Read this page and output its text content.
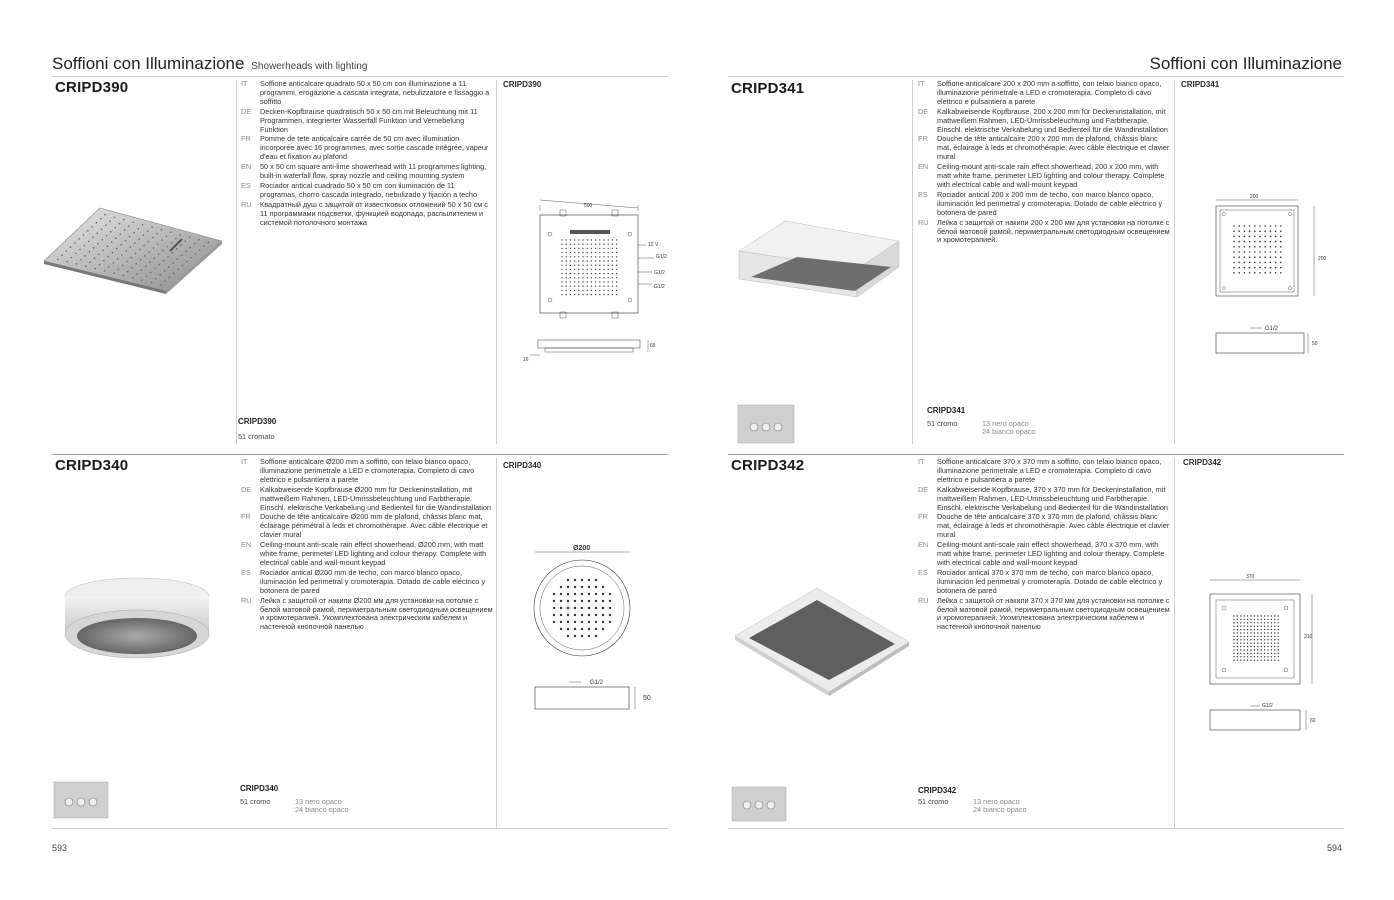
Soffioni con Illuminazione Showerheads with lighting	Soffioni con Illuminazione
CRIPD390	IT	Soffione anticalcare quadrato 50 x 50 cm con illuminazione a 11 programmi, erogazione a cascata integrata, nebulizzatore e fissaggio a soffitto
DE	Decken-Kopfbrause quadratisch 50 x 50 cm mit Beleuchtung mit 11 Programmen, integrierter Wasserfall Funktion und Vernebelung Funktion
FR	Pomme de tete anticalcaire carrée de 50 cm avec illumination incorporée avec 16 programmes, avec sortie cascade intégrée, vapeur d'eau et fixation au plafond
EN	50 x 50 cm square anti-lime showerhead with 11 programmes lighting, built-in waterfall flow, spray nozzle and ceiling mounting system
ES	Rociador antical cuadrado 50 x 50 cm con iluminación de 11 programas, chorro cascada integrado, nebulizado y fijación a techo
RU	Квадратный душ с защитой от известковых отложений 50 х 50 см с 11 программами подсветки, функцией водопада, распылителем и системой потолочного монтажа
CRIPD390
500
12 V
G1/2
G1/2
G1/2
65
16
CRIPD390
51 cromato
CRIPD340	IT	Soffione anticalcare Ø200 mm a soffitto, con telaio bianco opaco, illuminazione perimetrale a LED e cromoterapia. Completo di cavo elettrico e pulsantiera a parete
DE	Kalkabweisende Kopfbrause Ø200 mm für Deckeninstallation, mit mattweißem Rahmen, LED-Umrissbeleuchtung und Farbtherapie. Einschl. elektrische Verkabelung und Bedienteil für die Wandinstallation
FR	Douche de tête anticalcaire Ø200 mm de plafond, châssis blanc mat, éclairage périmétral à leds et chromothérapie. Avec câble électrique et clavier mural
EN	Ceiling-mount anti-scale rain effect showerhead, Ø200 mm, with matt white frame, perimeter LED lighting and colour therapy. Complete with electrical cable and wall-mount keypad
ES	Rociador antical Ø200 mm de techo, con marco blanco opaco, iluminación led perimetral y cromoterapia. Dotado de cable eléctrico y botonera de pared
RU	Лейка с защитой от накипи Ø200 мм для установки на потолке с белой матовой рамой, периметральным светодиодным освещением и хромотерапией. Укомплектована электрическим кабелем и настенной кнопочной панелью
CRIPD340
Ø200
G1/2
50
CRIPD340
51 cromo	13 nero opaco
24 bianco opaco
593
CRIPD341	IT	Soffione anticalcare 200 x 200 mm a soffitto, con telaio bianco opaco, illuminazione perimetrale a LED e cromoterapia. Completo di cavo elettrico e pulsantiera a parete
DE	Kalkabweisende Kopfbrause, 200 x 200 mm für Deckeninstallation, mit mattweißem Rahmen, LED-Umrissbeleuchtung und Farbtherapie. Einschl. elektrische Verkabelung und Bedienteil für die Wandinstallation
FR	Douche de tête anticalcaire 200 x 200 mm de plafond, châssis blanc mat, éclairage à leds et chromothérapie. Avec câble électrique et clavier mural
EN	Ceiling-mount anti-scale rain effect showerhead, 200 x 200 mm, with matt white frame, perimeter LED lighting and colour therapy. Complete with electrical cable and wall-mount keypad
ES	Rociador antical 200 x 200 mm de techo, con marco blanco opaco, iluminación led perimetral y cromoterapia. Dotado de cable eléctrico y botonera de pared
RU	Лейка с защитой от накипи 200 х 200 мм для установки на потолке с белой матовой рамой, периметральным светодиодным освещением и хромотерапией.
CRIPD341
200
200
G1/2
50
CRIPD341
51 cromo	13 nero opaco
24 bianco opaco
CRIPD342	IT	Soffione anticalcare 370 x 370 mm a soffitto, con telaio bianco opaco, illuminazione perimetrale a LED e cromoterapia. Completo di cavo elettrico e pulsantiera a parete
DE	Kalkabweisende Kopfbrause, 370 x 370 mm für Deckeninstallation, mit mattweißem Rahmen, LED-Umrissbeleuchtung und Farbtherapie. Einschl. elektrische Verkabelung und Bedienteil für die Wandinstallation
FR	Douche de tête anticalcaire 370 x 370 mm de plafond, châssis blanc mat, éclairage à leds et chromothérapie. Avec câble électrique et clavier mural
EN	Ceiling-mount anti-scale rain effect showerhead, 370 x 370 mm, with matt white frame, perimeter LED lighting and colour therapy. Complete with electrical cable and wall-mount keypad
ES	Rociador antical 370 x 370 mm de techo, con marco blanco opaco, iluminación led perimetral y cromoterapia. Dotado de cable eléctrico y botonera de pared
RU	Лейка с защитой от накипи 370 х 370 мм для установки на потолке с белой матовой рамой, периметральным светодиодным освещением и хромотерапией. Укомплектована электрическим кабелем и настенной кнопочной панелью
CRIPD342
370
310
G1/2
60
CRIPD342
51 cromo	13 nero opaco
24 bianco opaco
594
